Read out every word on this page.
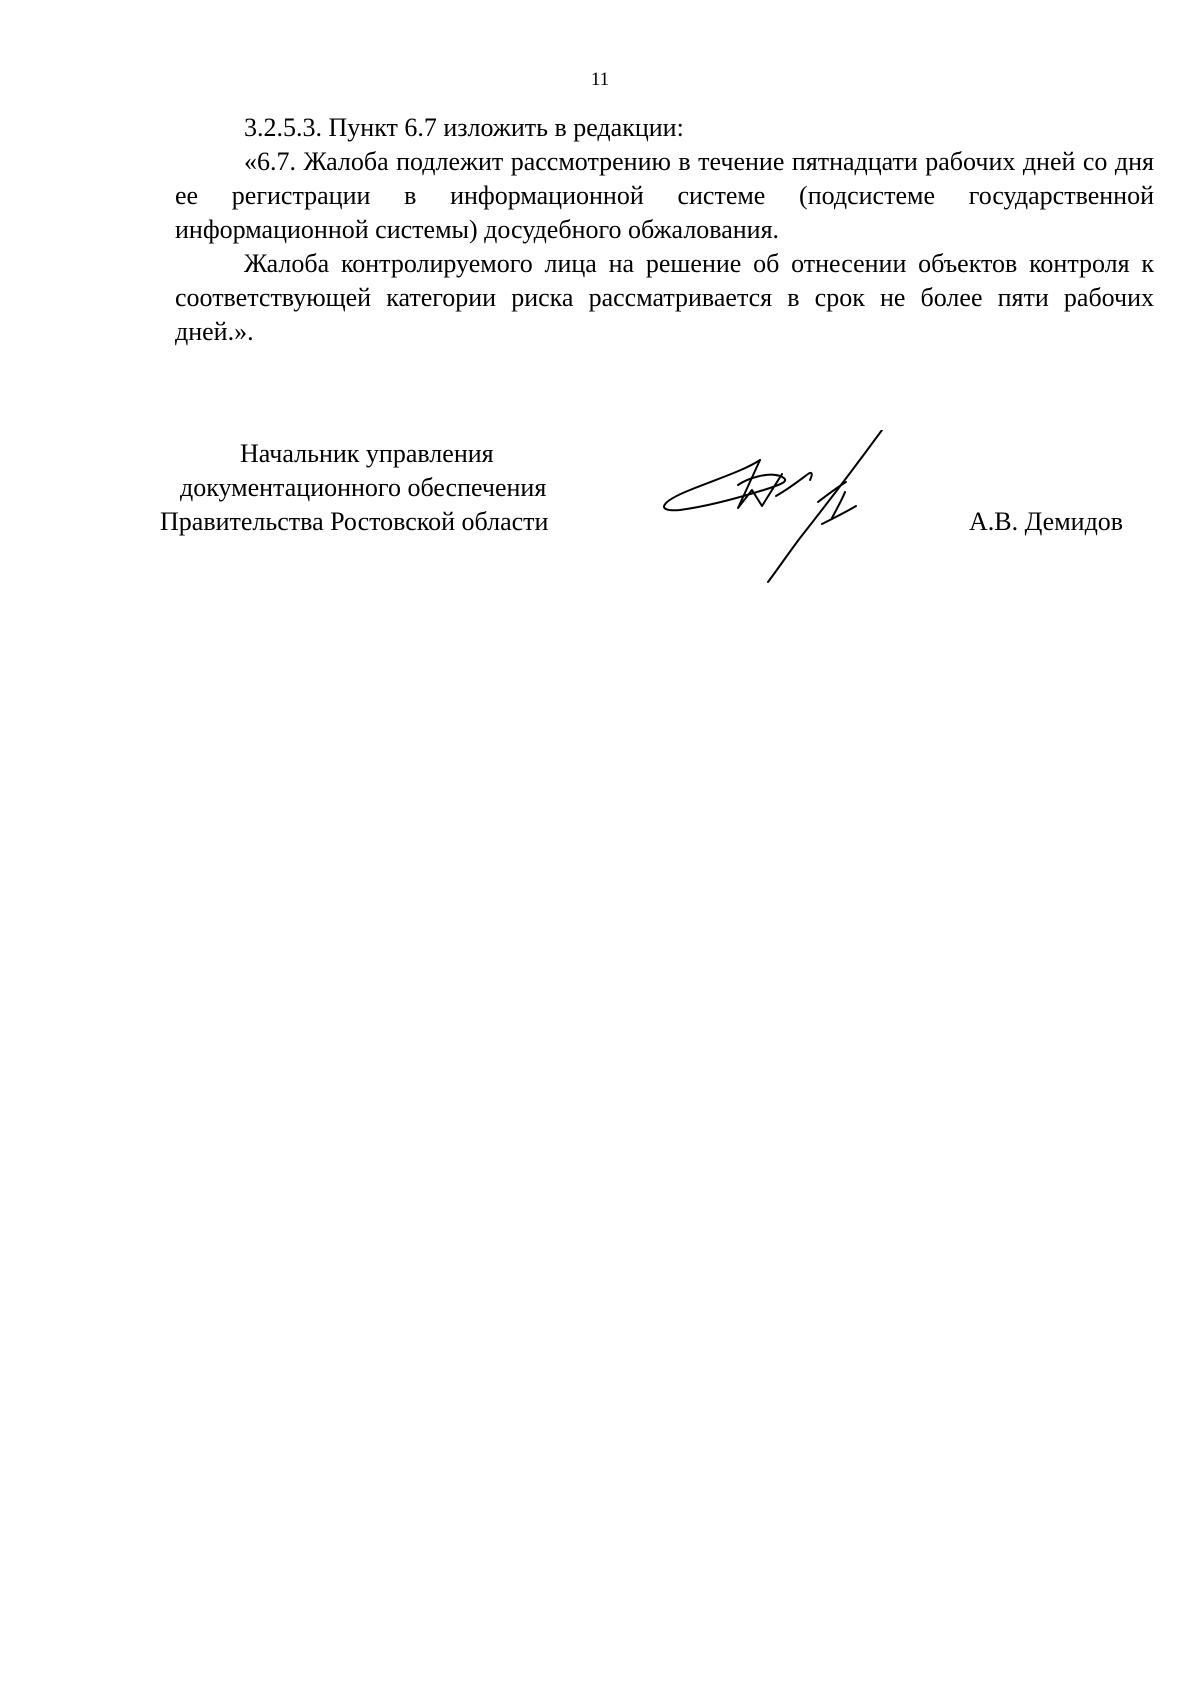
11

3.2.5.3. Пункт 6.7 изложить в редакции:

«6.7. Жалоба подлежит рассмотрению в течение пятнадцати рабочих дней со дня ее регистрации в информационной системе (подсистеме государственной информационной системы) досудебного обжалования.

Жалоба контролируемого лица на решение об отнесении объектов контроля к соответствующей категории риска рассматривается в срок не более пяти рабочих дней.».

Начальник управления
документационного обеспечения
Правительства Ростовской области	А.В. Демидов
